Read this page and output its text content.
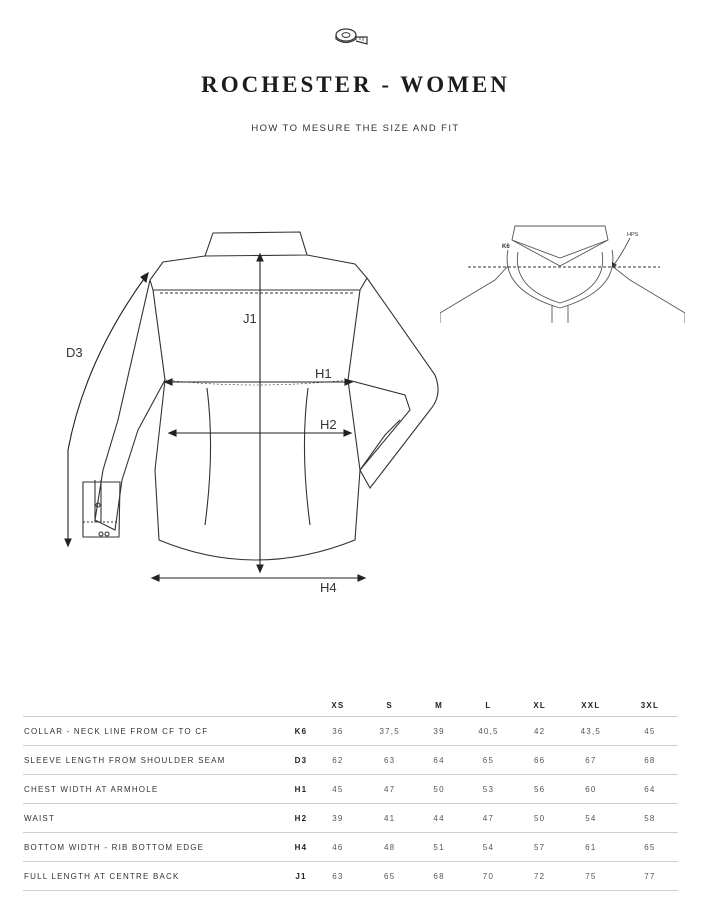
ROCHESTER - WOMEN
HOW TO MESURE THE SIZE AND FIT
J1
H1
H2
H4
D3
K6
HPS
		XS	S	M	L	XL	XXL	3XL
COLLAR - NECK LINE FROM CF TO CF	K6	36	37,5	39	40,5	42	43,5	45
SLEEVE LENGTH FROM SHOULDER SEAM	D3	62	63	64	65	66	67	68
CHEST WIDTH AT ARMHOLE	H1	45	47	50	53	56	60	64
WAIST	H2	39	41	44	47	50	54	58
BOTTOM WIDTH - RIB BOTTOM EDGE	H4	46	48	51	54	57	61	65
FULL LENGTH AT CENTRE BACK	J1	63	65	68	70	72	75	77
